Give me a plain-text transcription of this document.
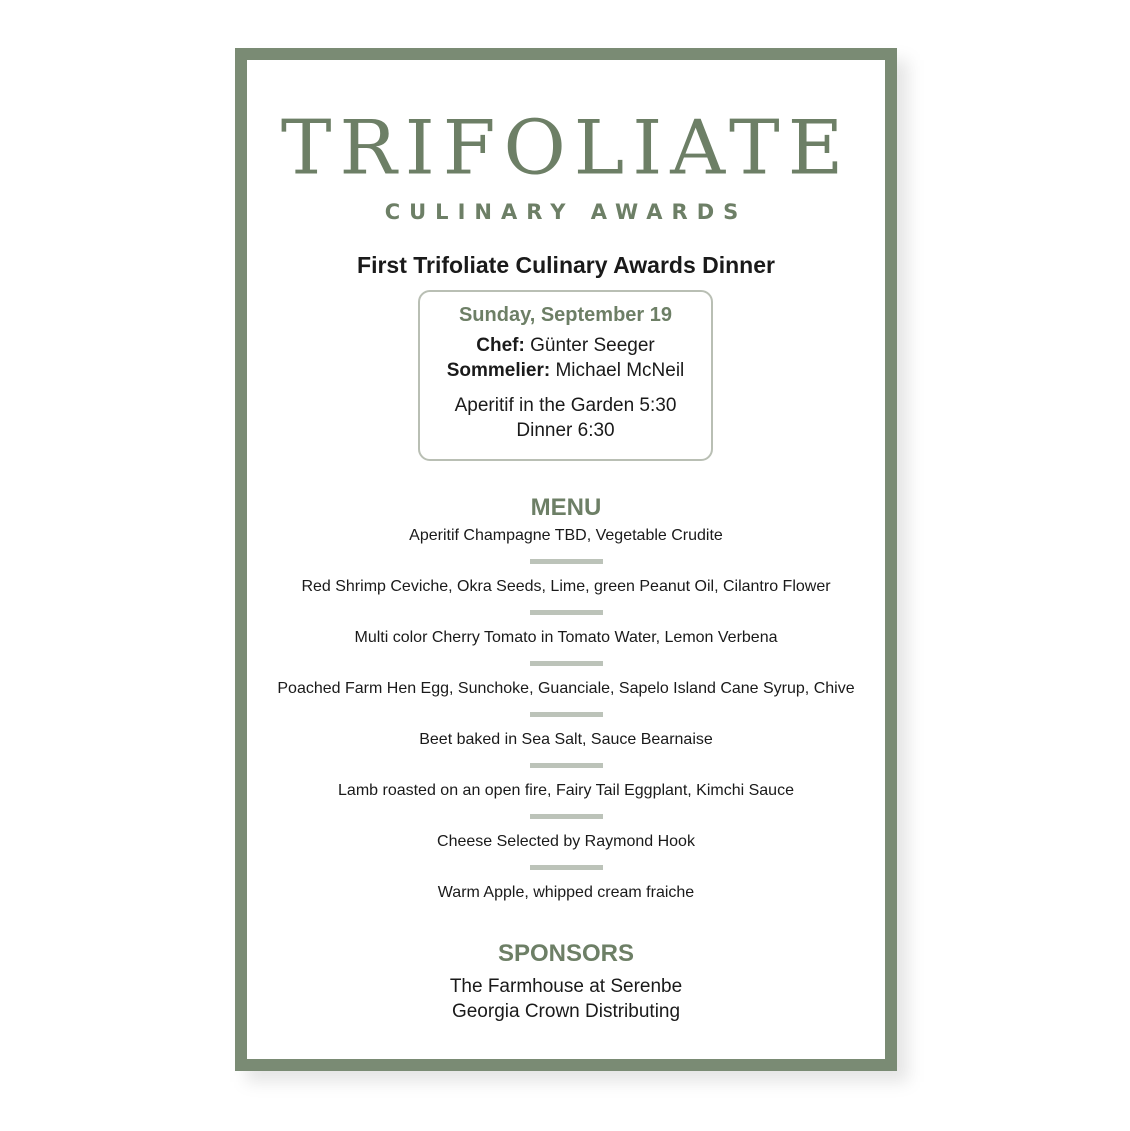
TRIFOLIATE
CULINARY AWARDS
First Trifoliate Culinary Awards Dinner
Sunday, September 19
Chef: Günter Seeger
Sommelier: Michael McNeil
Aperitif in the Garden 5:30
Dinner 6:30
MENU
Aperitif Champagne TBD, Vegetable Crudite
Red Shrimp Ceviche, Okra Seeds, Lime, green Peanut Oil, Cilantro Flower
Multi color Cherry Tomato in Tomato Water, Lemon Verbena
Poached Farm Hen Egg, Sunchoke, Guanciale, Sapelo Island Cane Syrup, Chive
Beet baked in Sea Salt, Sauce Bearnaise
Lamb roasted on an open fire, Fairy Tail Eggplant, Kimchi Sauce
Cheese Selected by Raymond Hook
Warm Apple, whipped cream fraiche
SPONSORS
The Farmhouse at Serenbe
Georgia Crown Distributing
